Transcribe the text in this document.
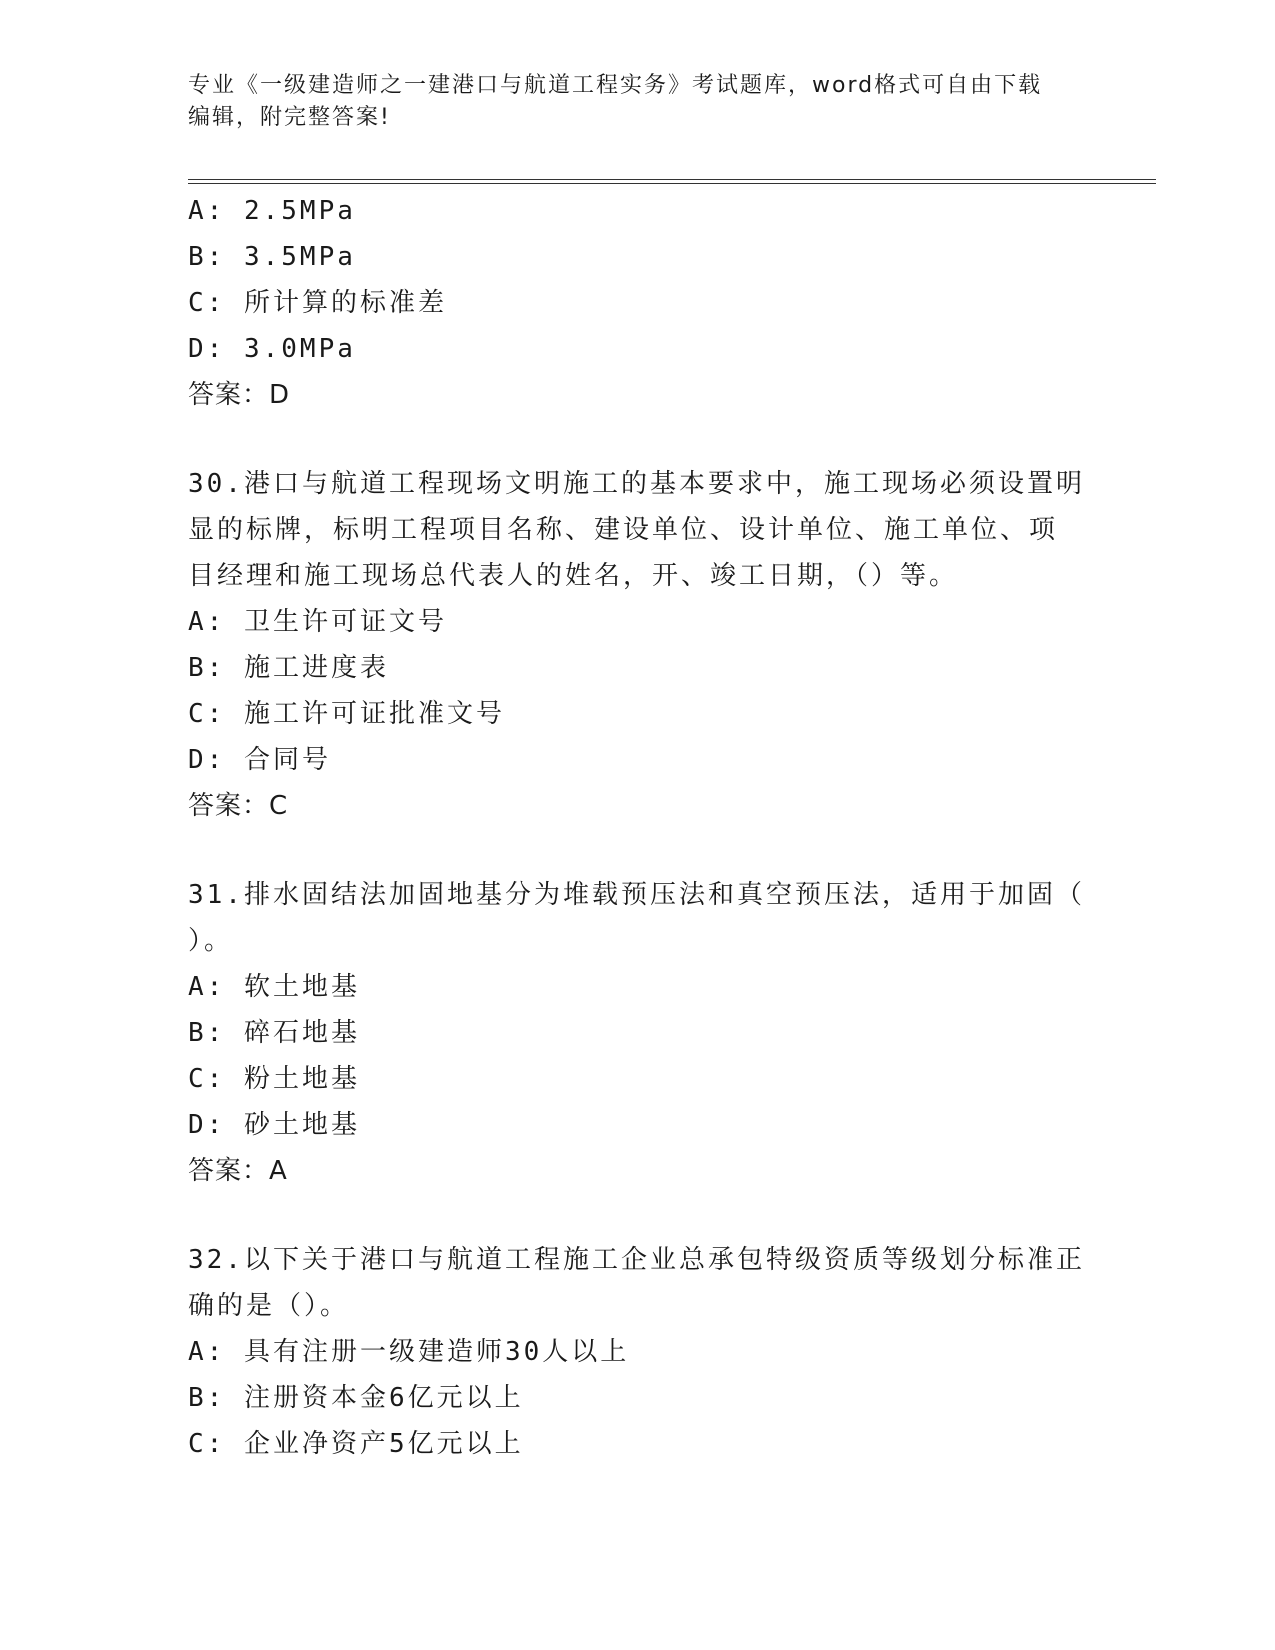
专业《一级建造师之一建港口与航道工程实务》考试题库，word格式可自由下载
编辑，附完整答案!
A: 2.5MPa
B: 3.5MPa
C: 所计算的标准差
D: 3.0MPa
答案：D
30.港口与航道工程现场文明施工的基本要求中，施工现场必须设置明
显的标牌，标明工程项目名称、建设单位、设计单位、施工单位、项
目经理和施工现场总代表人的姓名，开、竣工日期，（）等。
A: 卫生许可证文号
B: 施工进度表
C: 施工许可证批准文号
D: 合同号
答案：C
31.排水固结法加固地基分为堆载预压法和真空预压法，适用于加固（
）。
A: 软土地基
B: 碎石地基
C: 粉土地基
D: 砂土地基
答案：A
32.以下关于港口与航道工程施工企业总承包特级资质等级划分标准正
确的是（）。
A: 具有注册一级建造师30人以上
B: 注册资本金6亿元以上
C: 企业净资产5亿元以上
